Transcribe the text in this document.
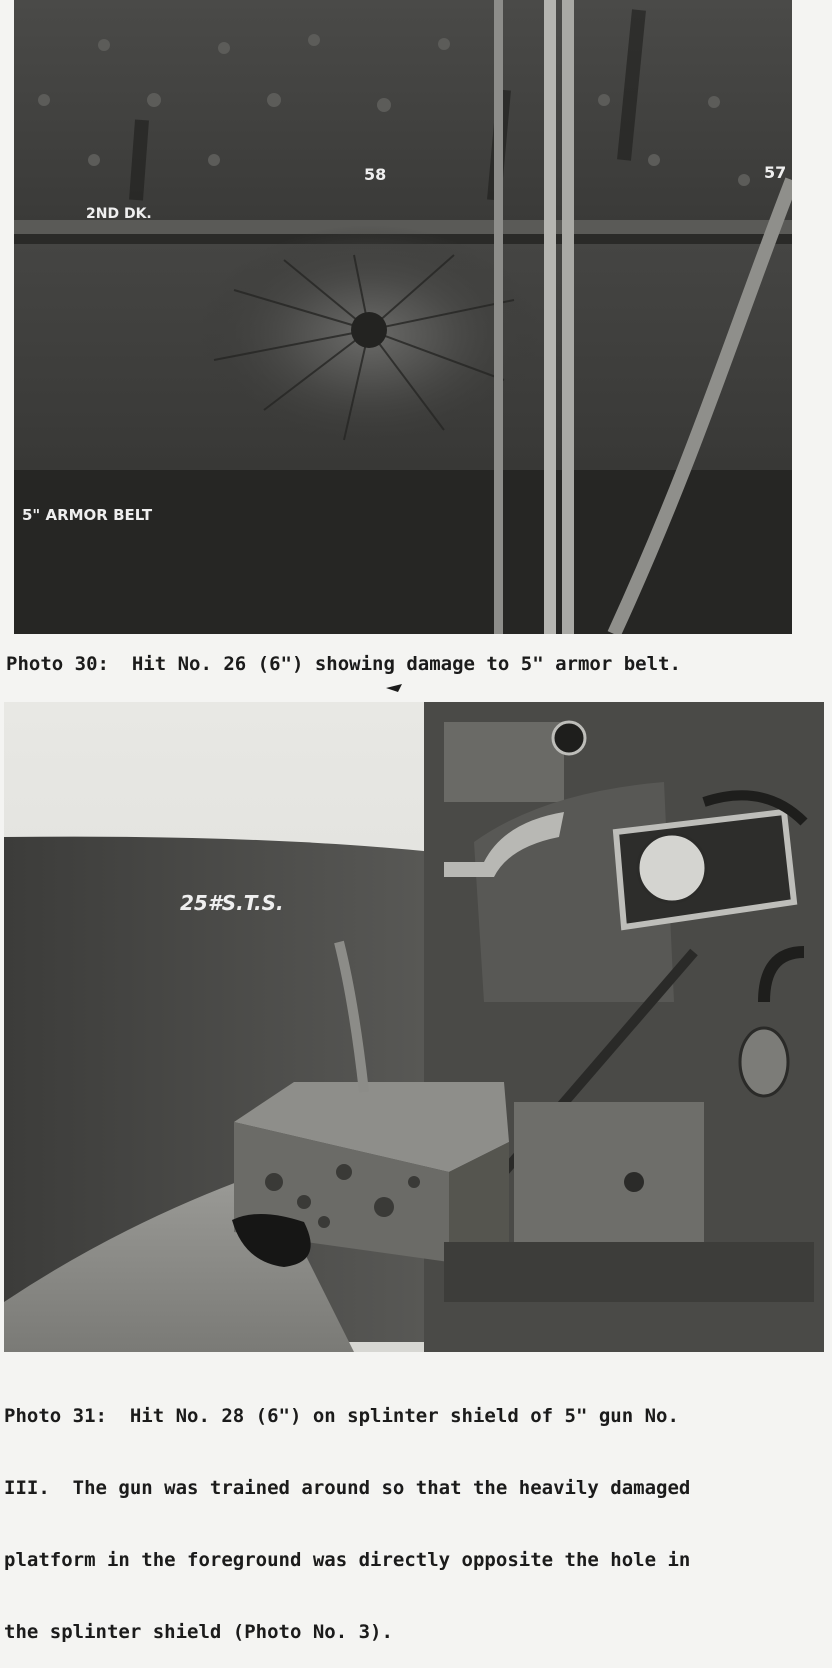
2ND DK.
58	57
5" ARMOR BELT

Photo 30:  Hit No. 26 (6") showing damage to 5" armor belt.

25#S.T.S.

Photo 31:  Hit No. 28 (6") on splinter shield of 5" gun No.

III.  The gun was trained around so that the heavily damaged

platform in the foreground was directly opposite the hole in

the splinter shield (Photo No. 3).
